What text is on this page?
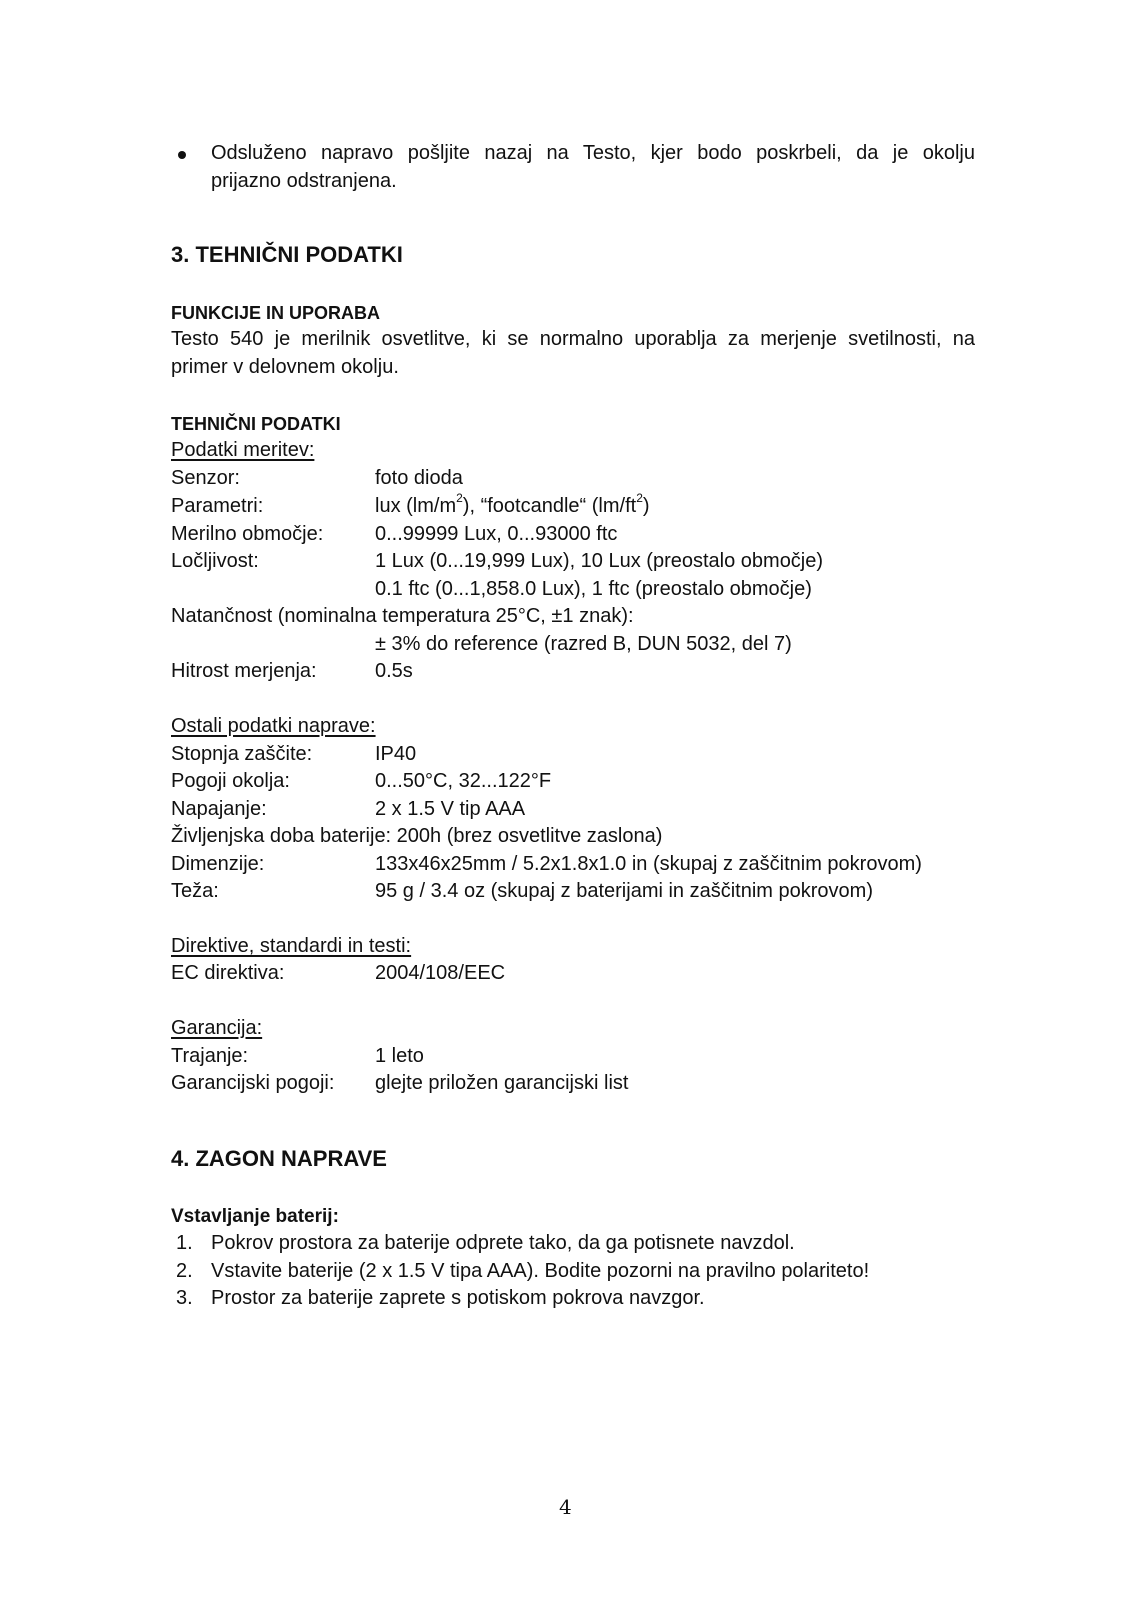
Odsluženo napravo pošljite nazaj na Testo, kjer bodo poskrbeli, da je okolju
prijazno odstranjena.
3. TEHNIČNI PODATKI
FUNKCIJE IN UPORABA
Testo 540 je merilnik osvetlitve, ki se normalno uporablja za merjenje svetilnosti, na
primer v delovnem okolju.
TEHNIČNI PODATKI
Podatki meritev:
Senzor:	foto dioda
Parametri:	lux $(lm/m^2)$, “footcandle“ $(lm/ft^2)$
Merilno območje:	0...99999 Lux, 0...93000 ftc
Ločljivost:	1 Lux (0...19,999 Lux), 10 Lux (preostalo območje)
0.1 ftc (0...1,858.0 Lux), 1 ftc (preostalo območje)
Natančnost (nominalna temperatura 25°C, ±1 znak):
± 3% do reference (razred B, DUN 5032, del 7)
Hitrost merjenja:	0.5s
Ostali podatki naprave:
Stopnja zaščite:	IP40
Pogoji okolja:	0...50°C, 32...122°F
Napajanje:	2 x 1.5 V tip AAA
Življenjska doba baterije: 200h (brez osvetlitve zaslona)
Dimenzije:	133x46x25mm / 5.2x1.8x1.0 in (skupaj z zaščitnim pokrovom)
Teža:	95 g / 3.4 oz (skupaj z baterijami in zaščitnim pokrovom)
Direktive, standardi in testi:
EC direktiva:	2004/108/EEC
Garancija:
Trajanje:	1 leto
Garancijski pogoji: glejte priložen garancijski list
4. ZAGON NAPRAVE
Vstavljanje baterij:
1. Pokrov prostora za baterije odprete tako, da ga potisnete navzdol.
2. Vstavite baterije (2 x 1.5 V tipa AAA). Bodite pozorni na pravilno polariteto!
3. Prostor za baterije zaprete s potiskom pokrova navzgor.
4
